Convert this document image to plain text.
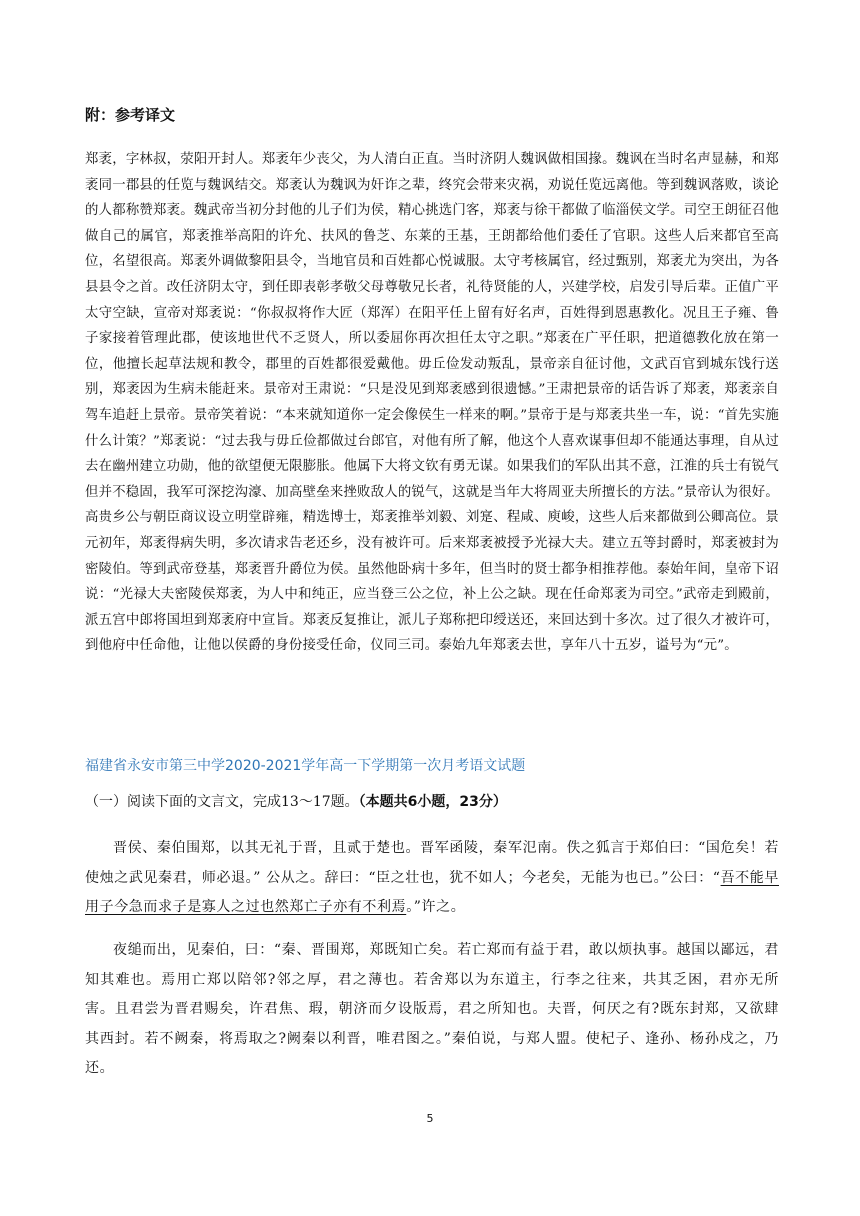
附：参考译文

郑袤，字林叔，荥阳开封人。郑袤年少丧父，为人清白正直。当时济阴人魏讽做相国掾。魏讽在当时名声显赫，和郑袤同一郡县的任览与魏讽结交。郑袤认为魏讽为奸诈之辈，终究会带来灾祸，劝说任览远离他。等到魏讽落败，谈论的人都称赞郑袤。魏武帝当初分封他的儿子们为侯，精心挑选门客，郑袤与徐干都做了临淄侯文学。司空王朗征召他做自己的属官，郑袤推举高阳的许允、扶风的鲁芝、东莱的王基，王朗都给他们委任了官职。这些人后来都官至高位，名望很高。郑袤外调做黎阳县令，当地官员和百姓都心悦诚服。太守考核属官，经过甄别，郑袤尤为突出，为各县县令之首。改任济阴太守，到任即表彰孝敬父母尊敬兄长者，礼待贤能的人，兴建学校，启发引导后辈。正值广平太守空缺，宣帝对郑袤说：“你叔叔将作大匠（郑浑）在阳平任上留有好名声，百姓得到恩惠教化。况且王子雍、鲁子家接着管理此郡，使该地世代不乏贤人，所以委屈你再次担任太守之职。”郑袤在广平任职，把道德教化放在第一位，他擅长起草法规和教令，郡里的百姓都很爱戴他。毋丘俭发动叛乱，景帝亲自征讨他，文武百官到城东饯行送别，郑袤因为生病未能赶来。景帝对王肃说：“只是没见到郑袤感到很遗憾。”王肃把景帝的话告诉了郑袤，郑袤亲自驾车追赶上景帝。景帝笑着说：“本来就知道你一定会像侯生一样来的啊。”景帝于是与郑袤共坐一车，说：“首先实施什么计策？”郑袤说：“过去我与毋丘俭都做过台郎官，对他有所了解，他这个人喜欢谋事但却不能通达事理，自从过去在幽州建立功勋，他的欲望便无限膨胀。他属下大将文钦有勇无谋。如果我们的军队出其不意，江淮的兵士有锐气但并不稳固，我军可深挖沟濠、加高壁垒来挫败敌人的锐气，这就是当年大将周亚夫所擅长的方法。”景帝认为很好。高贵乡公与朝臣商议设立明堂辟雍，精选博士，郑袤推举刘毅、刘寔、程咸、庾峻，这些人后来都做到公卿高位。景元初年，郑袤得病失明，多次请求告老还乡，没有被许可。后来郑袤被授予光禄大夫。建立五等封爵时，郑袤被封为密陵伯。等到武帝登基，郑袤晋升爵位为侯。虽然他卧病十多年，但当时的贤士都争相推荐他。泰始年间，皇帝下诏说：“光禄大夫密陵侯郑袤，为人中和纯正，应当登三公之位，补上公之缺。现在任命郑袤为司空。”武帝走到殿前，派五宫中郎将国坦到郑袤府中宣旨。郑袤反复推让，派儿子郑称把印绶送还，来回达到十多次。过了很久才被许可，到他府中任命他，让他以侯爵的身份接受任命，仪同三司。泰始九年郑袤去世，享年八十五岁，谥号为“元”。

福建省永安市第三中学2020-2021学年高一下学期第一次月考语文试题

（一）阅读下面的文言文，完成13～17题。（本题共6小题，23分）

晋侯、秦伯围郑，以其无礼于晋，且贰于楚也。晋军函陵，秦军氾南。佚之狐言于郑伯曰：“国危矣！若使烛之武见秦君，师必退。” 公从之。辞曰：“臣之壮也，犹不如人；今老矣，无能为也已。”公曰：“吾不能早用子今急而求子是寡人之过也然郑亡子亦有不利焉。”许之。

夜缒而出，见秦伯，曰：“秦、晋围郑，郑既知亡矣。若亡郑而有益于君，敢以烦执事。越国以鄙远，君知其难也。焉用亡郑以陪邻?邻之厚，君之薄也。若舍郑以为东道主，行李之往来，共其乏困，君亦无所害。且君尝为晋君赐矣，许君焦、瑕，朝济而夕设版焉，君之所知也。夫晋，何厌之有?既东封郑，又欲肆其西封。若不阙秦，将焉取之?阙秦以利晋，唯君图之。”秦伯说，与郑人盟。使杞子、逢孙、杨孙戍之，乃还。

5
